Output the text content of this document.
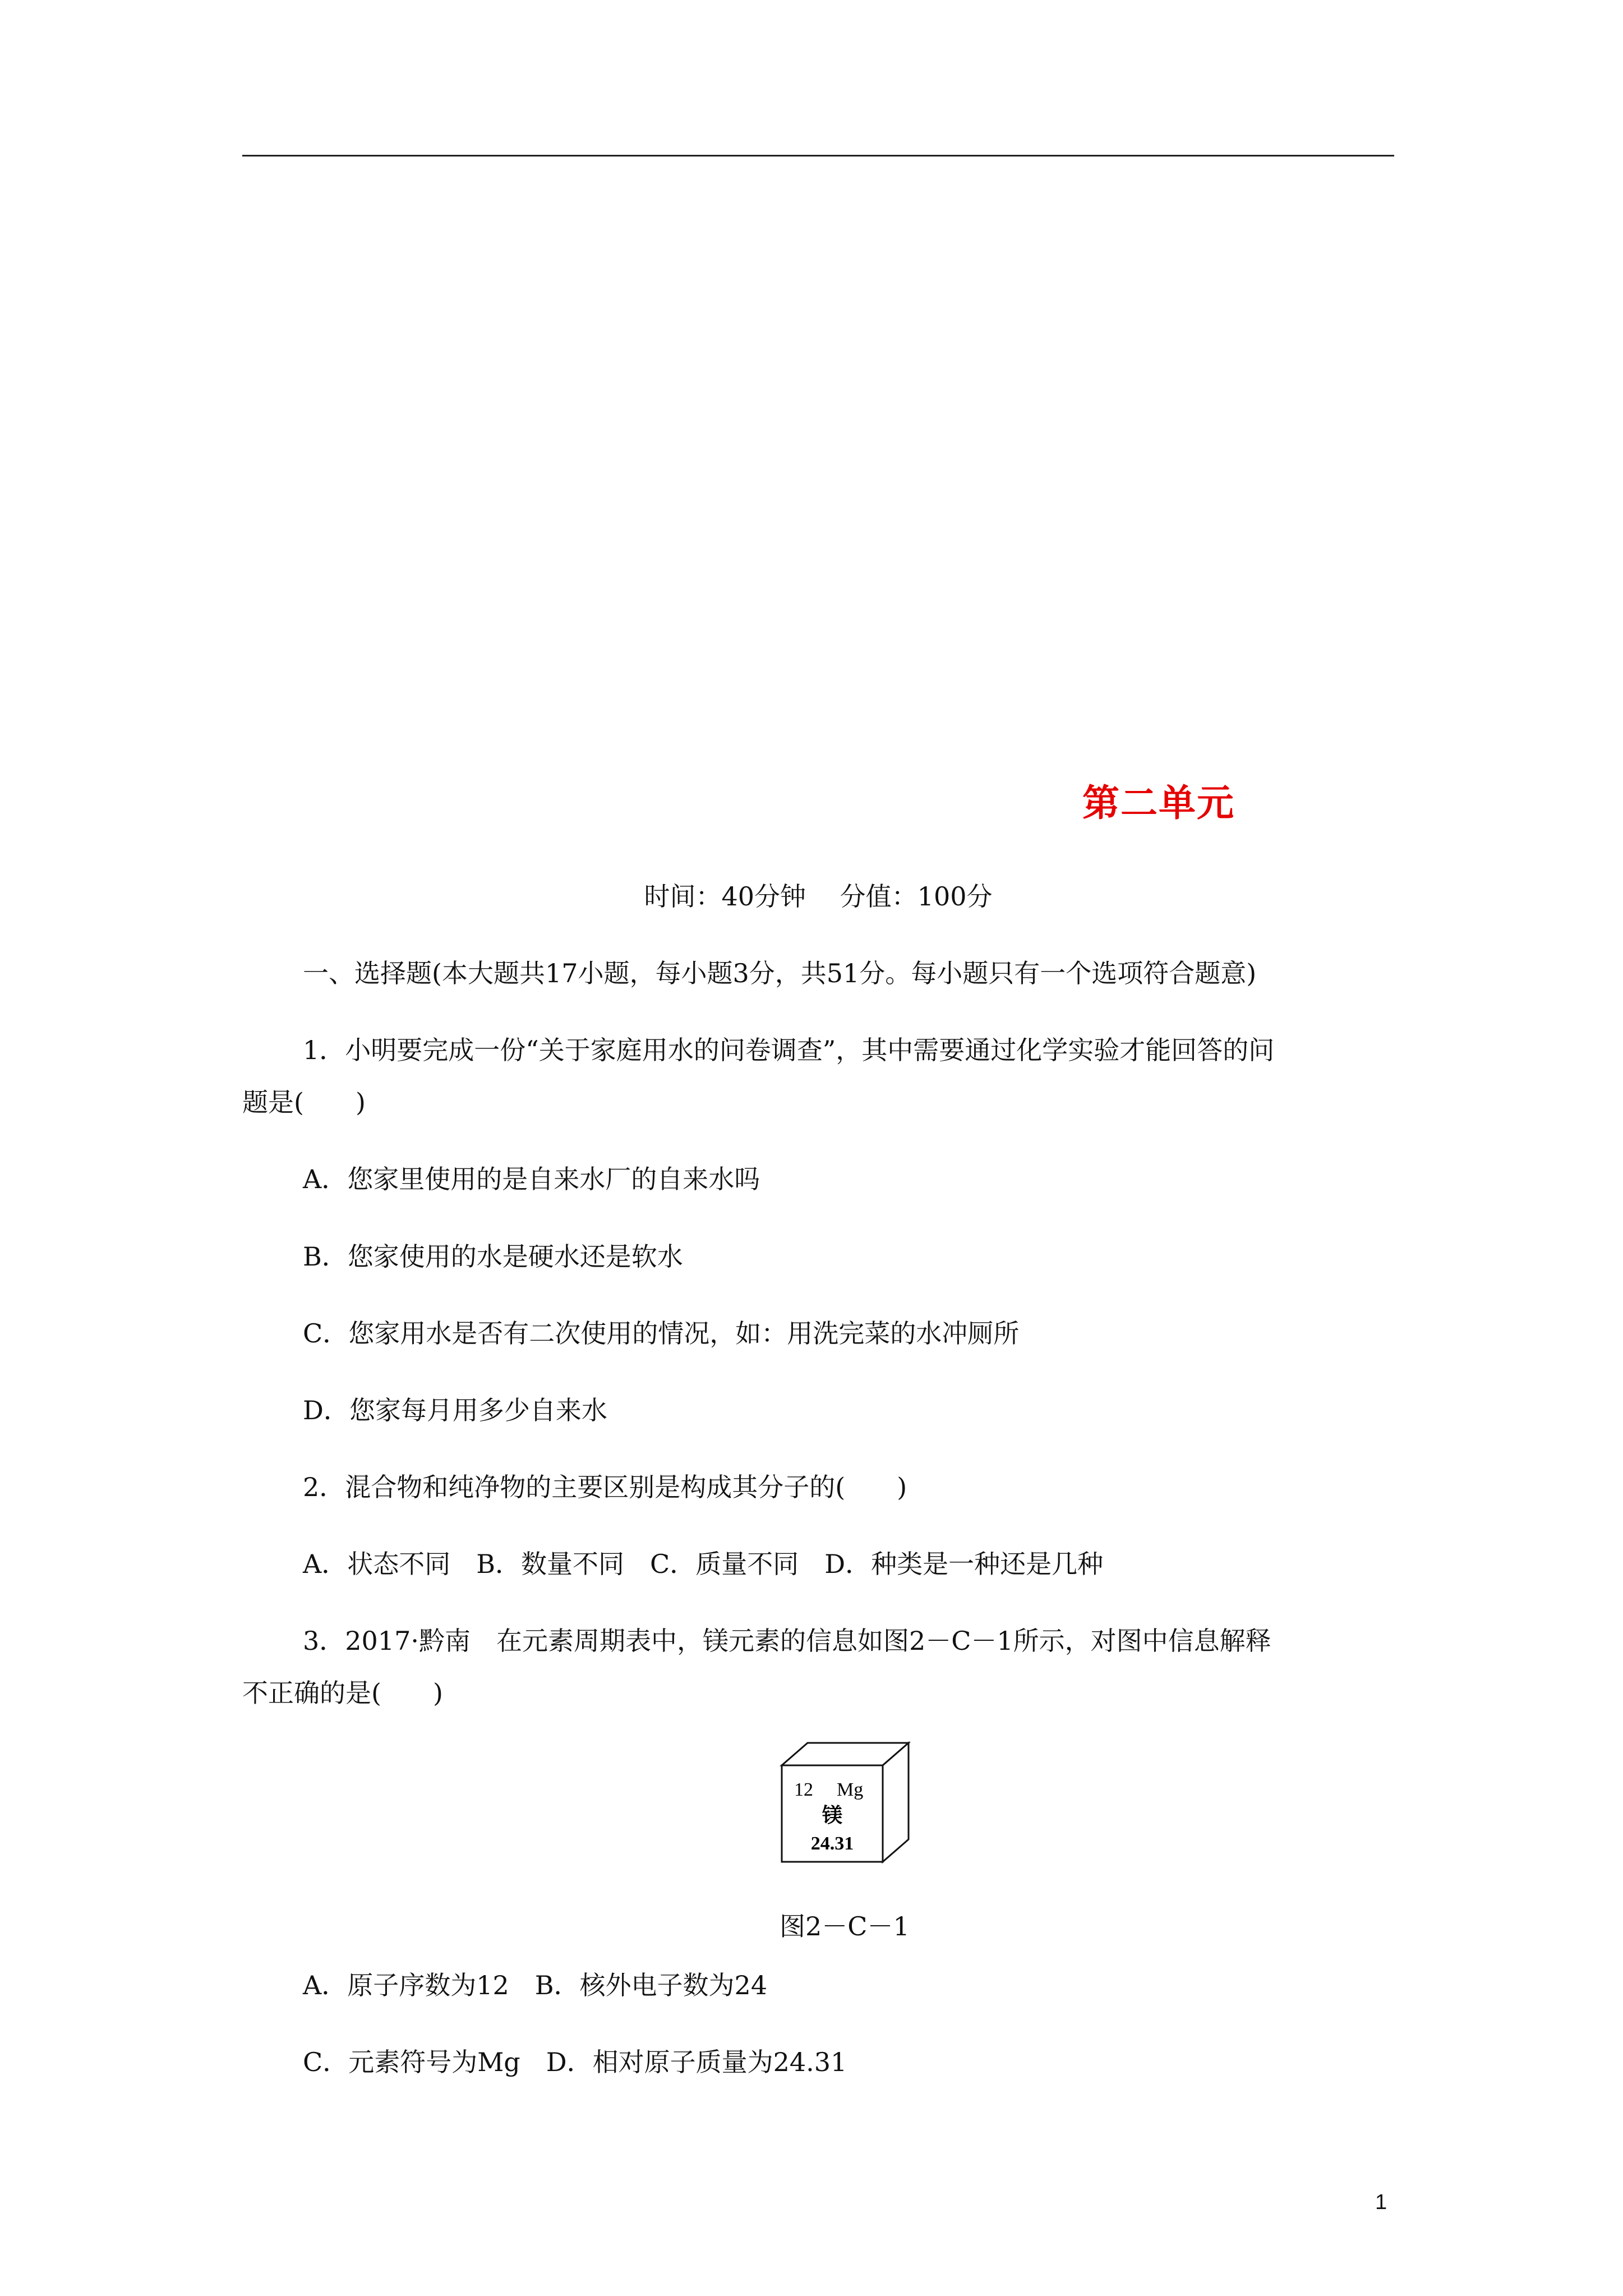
第二单元
时间：40分钟　 分值：100分
一、选择题(本大题共17小题，每小题3分，共51分。每小题只有一个选项符合题意)
1．小明要完成一份“关于家庭用水的问卷调查”，其中需要通过化学实验才能回答的问
题是(　　)
A．您家里使用的是自来水厂的自来水吗
B．您家使用的水是硬水还是软水
C．您家用水是否有二次使用的情况，如：用洗完菜的水冲厕所
D．您家每月用多少自来水
2．混合物和纯净物的主要区别是构成其分子的(　　)
A．状态不同　B．数量不同　C．质量不同　D．种类是一种还是几种
3．2017·黔南　在元素周期表中，镁元素的信息如图2－C－1所示，对图中信息解释
不正确的是(　　)
12 Mg
镁
24.31
图2－C－1
A．原子序数为12　B．核外电子数为24
C．元素符号为Mg　D．相对原子质量为24.31
1
